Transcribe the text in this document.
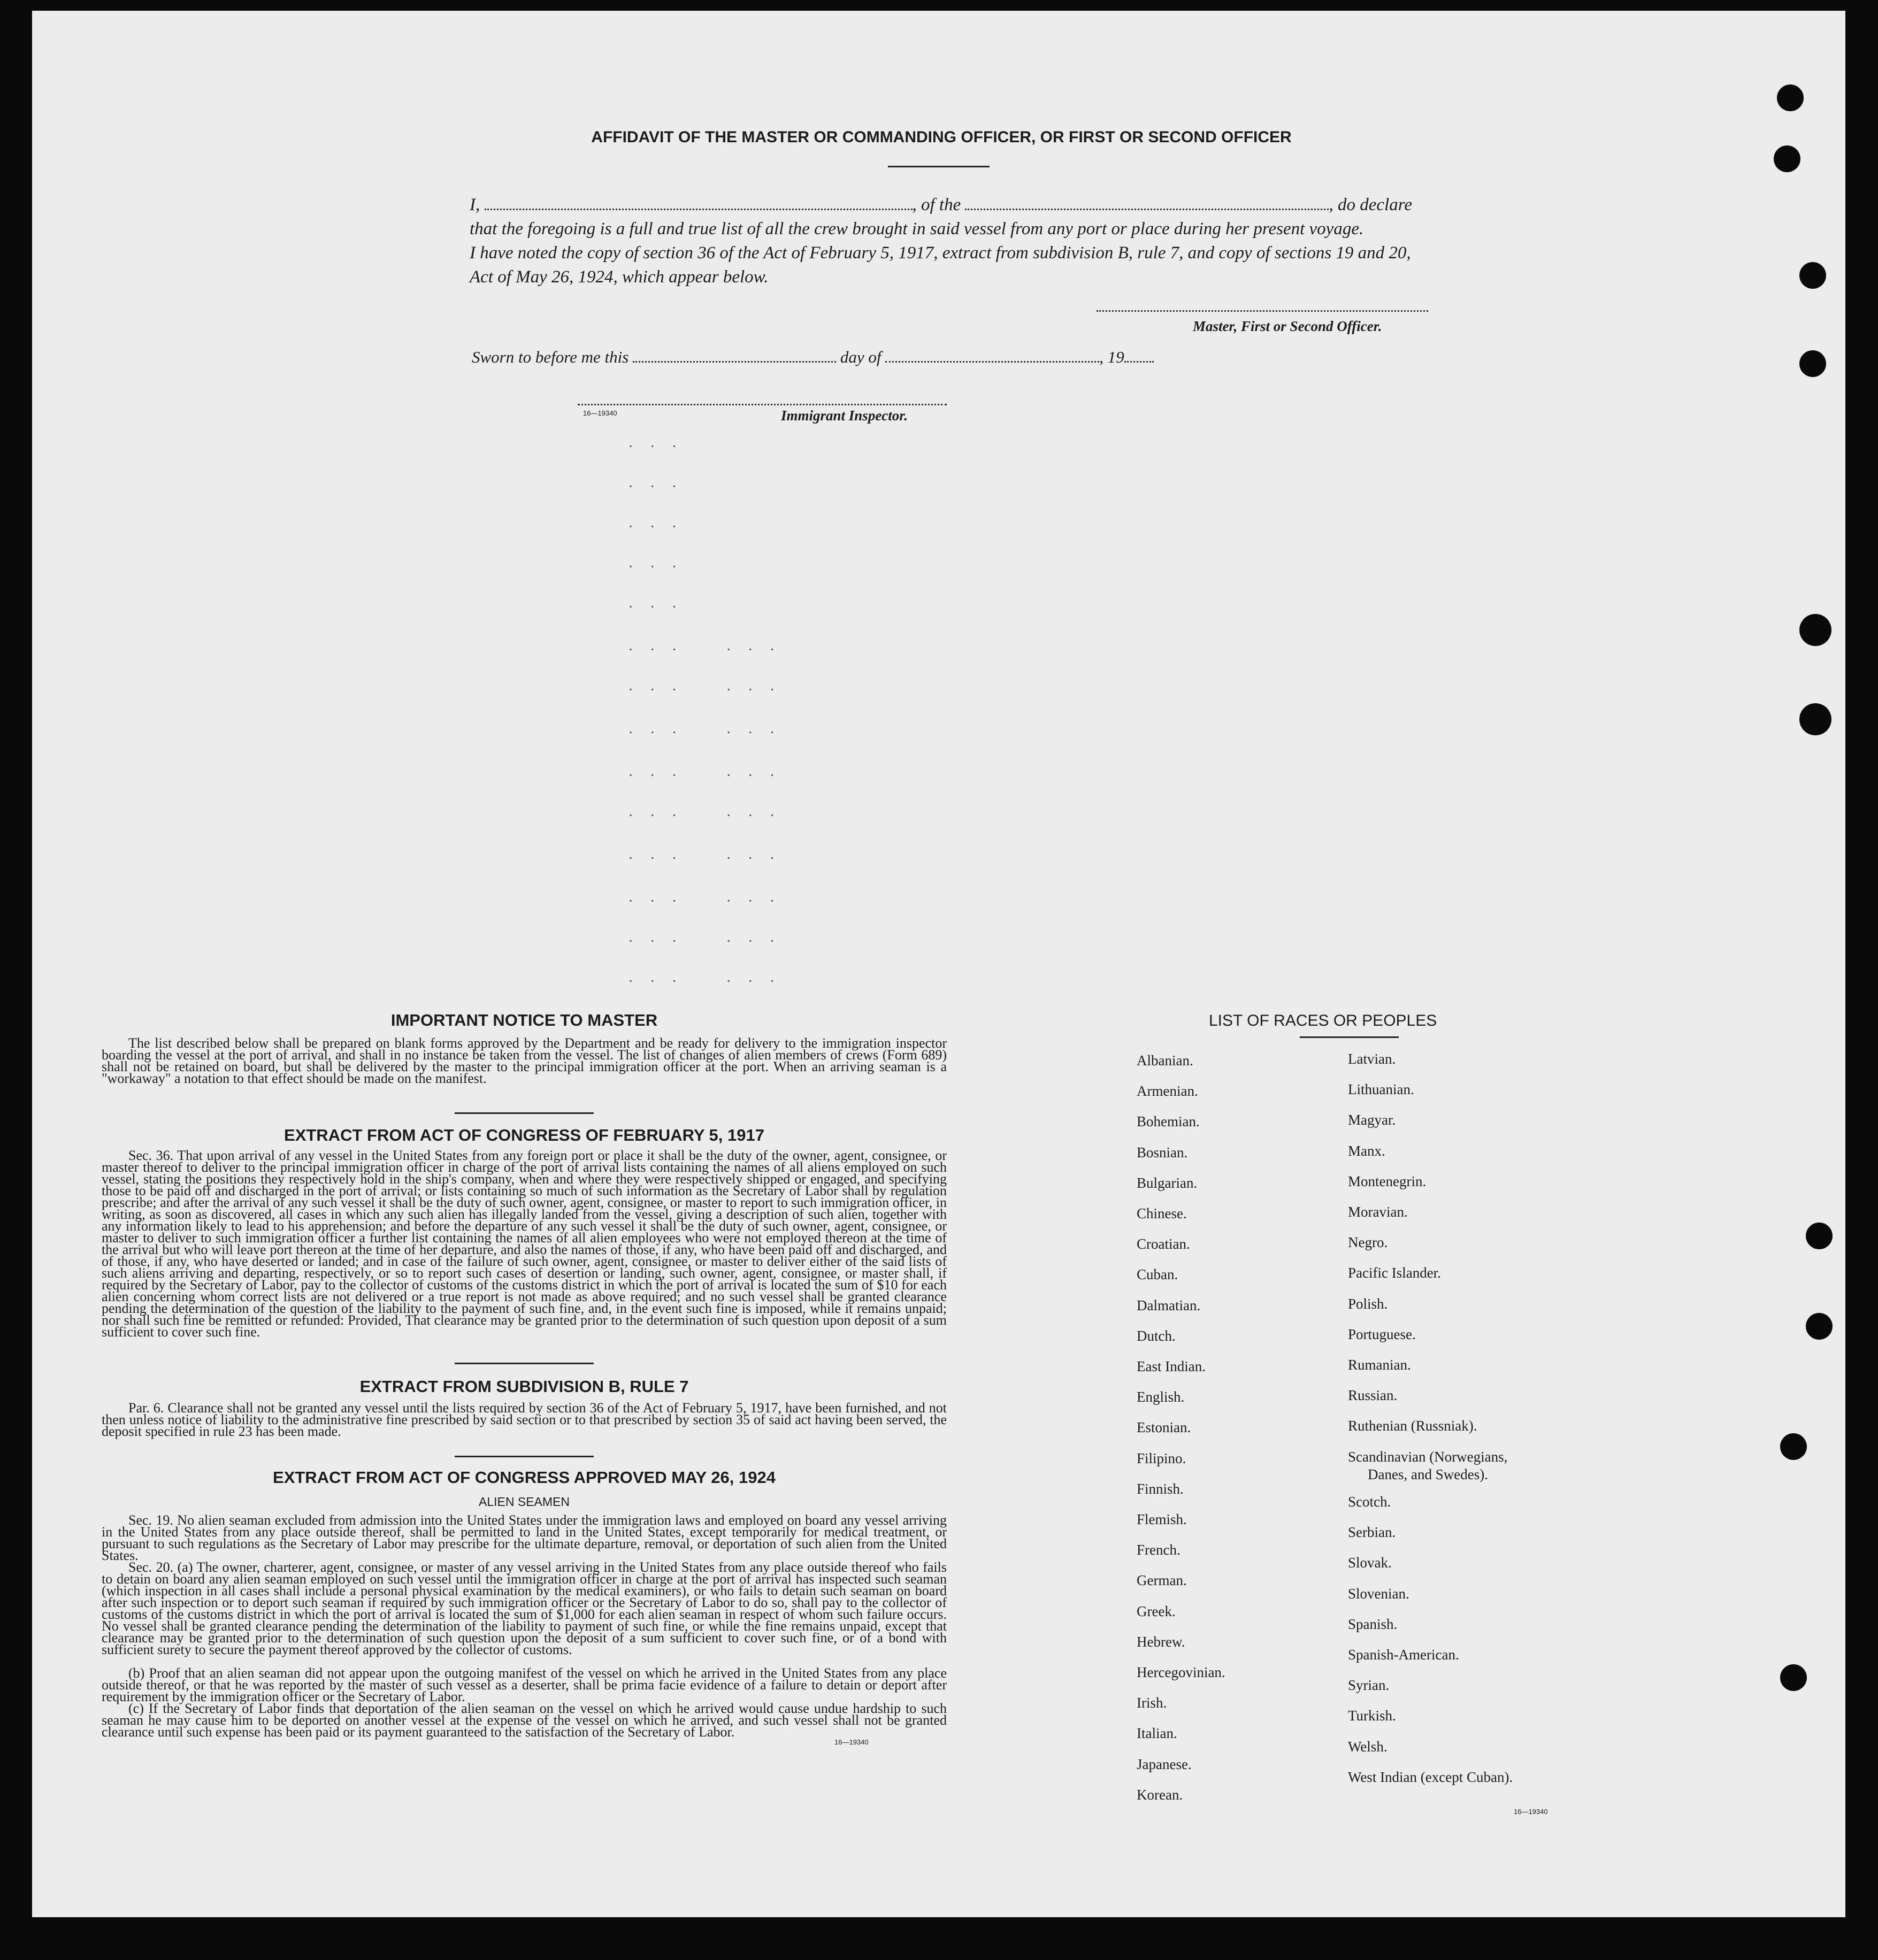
AFFIDAVIT OF THE MASTER OR COMMANDING OFFICER, OR FIRST OR SECOND OFFICER
I,	, of the	, do declare
that the foregoing is a full and true list of all the crew brought in said vessel from any port or place during her present voyage.
I have noted the copy of section 36 of the Act of February 5, 1917, extract from subdivision B, rule 7, and copy of sections 19 and 20,
Act of May 26, 1924, which appear below.
Master, First or Second Officer.
Sworn to before me this	day of	, 19
16—19340	Immigrant Inspector.
. . .
. . .
. . .
. . .
. . .
. . .    . . .
. . .    . . .
. . .    . . .
. . .    . . .
. . .    . . .
. . .    . . .
. . .    . . .
. . .    . . .
. . .    . . .
IMPORTANT NOTICE TO MASTER
The list described below shall be prepared on blank forms approved by the Department and be ready for delivery to the immigration inspector boarding the vessel at the port of arrival, and shall in no instance be taken from the vessel. The list of changes of alien members of crews (Form 689) shall not be retained on board, but shall be delivered by the master to the principal immigration officer at the port. When an arriving seaman is a "workaway" a notation to that effect should be made on the manifest.
EXTRACT FROM ACT OF CONGRESS OF FEBRUARY 5, 1917
Sec. 36. That upon arrival of any vessel in the United States from any foreign port or place it shall be the duty of the owner, agent, consignee, or master thereof to deliver to the principal immigration officer in charge of the port of arrival lists containing the names of all aliens employed on such vessel, stating the positions they respectively hold in the ship's company, when and where they were respectively shipped or engaged, and specifying those to be paid off and discharged in the port of arrival; or lists containing so much of such information as the Secretary of Labor shall by regulation prescribe; and after the arrival of any such vessel it shall be the duty of such owner, agent, consignee, or master to report to such immigration officer, in writing, as soon as discovered, all cases in which any such alien has illegally landed from the vessel, giving a description of such alien, together with any information likely to lead to his apprehension; and before the departure of any such vessel it shall be the duty of such owner, agent, consignee, or master to deliver to such immigration officer a further list containing the names of all alien employees who were not employed thereon at the time of the arrival but who will leave port thereon at the time of her departure, and also the names of those, if any, who have been paid off and discharged, and of those, if any, who have deserted or landed; and in case of the failure of such owner, agent, consignee, or master to deliver either of the said lists of such aliens arriving and departing, respectively, or so to report such cases of desertion or landing, such owner, agent, consignee, or master shall, if required by the Secretary of Labor, pay to the collector of customs of the customs district in which the port of arrival is located the sum of $10 for each alien concerning whom correct lists are not delivered or a true report is not made as above required; and no such vessel shall be granted clearance pending the determination of the question of the liability to the payment of such fine, and, in the event such fine is imposed, while it remains unpaid; nor shall such fine be remitted or refunded: Provided, That clearance may be granted prior to the determination of such question upon deposit of a sum sufficient to cover such fine.
EXTRACT FROM SUBDIVISION B, RULE 7
Par. 6. Clearance shall not be granted any vessel until the lists required by section 36 of the Act of February 5, 1917, have been furnished, and not then unless notice of liability to the administrative fine prescribed by said section or to that prescribed by section 35 of said act having been served, the deposit specified in rule 23 has been made.
EXTRACT FROM ACT OF CONGRESS APPROVED MAY 26, 1924
ALIEN SEAMEN
Sec. 19. No alien seaman excluded from admission into the United States under the immigration laws and employed on board any vessel arriving in the United States from any place outside thereof, shall be permitted to land in the United States, except temporarily for medical treatment, or pursuant to such regulations as the Secretary of Labor may prescribe for the ultimate departure, removal, or deportation of such alien from the United States.
Sec. 20. (a) The owner, charterer, agent, consignee, or master of any vessel arriving in the United States from any place outside thereof who fails to detain on board any alien seaman employed on such vessel until the immigration officer in charge at the port of arrival has inspected such seaman (which inspection in all cases shall include a personal physical examination by the medical examiners), or who fails to detain such seaman on board after such inspection or to deport such seaman if required by such immigration officer or the Secretary of Labor to do so, shall pay to the collector of customs of the customs district in which the port of arrival is located the sum of $1,000 for each alien seaman in respect of whom such failure occurs. No vessel shall be granted clearance pending the determination of the liability to payment of such fine, or while the fine remains unpaid, except that clearance may be granted prior to the determination of such question upon the deposit of a sum sufficient to cover such fine, or of a bond with sufficient surety to secure the payment thereof approved by the collector of customs.
(b) Proof that an alien seaman did not appear upon the outgoing manifest of the vessel on which he arrived in the United States from any place outside thereof, or that he was reported by the master of such vessel as a deserter, shall be prima facie evidence of a failure to detain or deport after requirement by the immigration officer or the Secretary of Labor.
(c) If the Secretary of Labor finds that deportation of the alien seaman on the vessel on which he arrived would cause undue hardship to such seaman he may cause him to be deported on another vessel at the expense of the vessel on which he arrived, and such vessel shall not be granted clearance until such expense has been paid or its payment guaranteed to the satisfaction of the Secretary of Labor.
16—19340
LIST OF RACES OR PEOPLES
Albanian.
Armenian.
Bohemian.
Bosnian.
Bulgarian.
Chinese.
Croatian.
Cuban.
Dalmatian.
Dutch.
East Indian.
English.
Estonian.
Filipino.
Finnish.
Flemish.
French.
German.
Greek.
Hebrew.
Hercegovinian.
Irish.
Italian.
Japanese.
Korean.
Latvian.
Lithuanian.
Magyar.
Manx.
Montenegrin.
Moravian.
Negro.
Pacific Islander.
Polish.
Portuguese.
Rumanian.
Russian.
Ruthenian (Russniak).
Scandinavian (Norwegians,
Danes, and Swedes).
Scotch.
Serbian.
Slovak.
Slovenian.
Spanish.
Spanish-American.
Syrian.
Turkish.
Welsh.
West Indian (except Cuban).
16—19340
